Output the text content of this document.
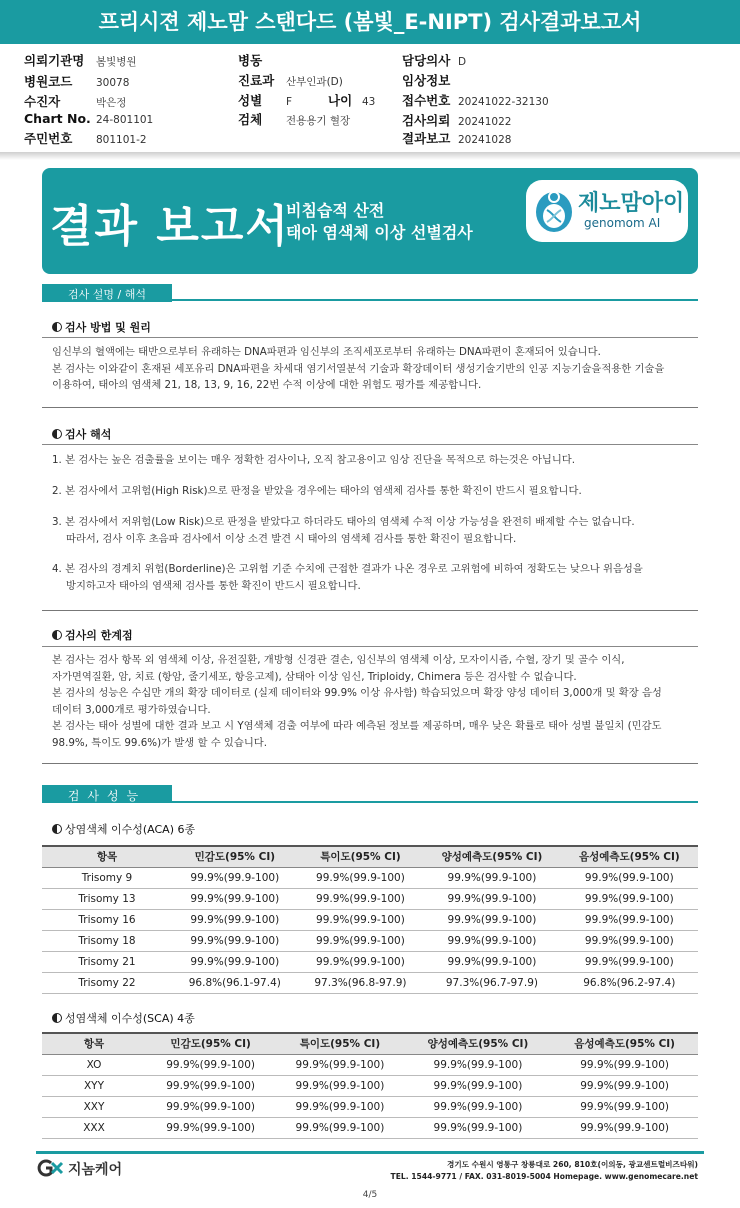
프리시젼 제노맘 스탠다드 (봄빛_E-NIPT) 검사결과보고서
의뢰기관명 봄빛병원
병원코드 30078
수진자	박은정
Chart No. 24-801101
주민번호 801101-2
병동
진료과 산부인과(D)
성별 F	나이 43
검체 전용용기 혈장
담당의사 D
임상정보
접수번호 20241022-32130
검사의뢰 20241022
결과보고 20241028
결과 보고서
비침습적 산전
태아 염색체 이상 선별검사
제노맘아이
genomom AI
검사 설명 / 해석
검사 방법 및 원리
임신부의 혈액에는 태반으로부터 유래하는 DNA파편과 임신부의 조직세포로부터 유래하는 DNA파편이 혼재되어 있습니다.
본 검사는 이와같이 혼재된 세포유리 DNA파편을 차세대 염기서열분석 기술과 확장데이터 생성기술기반의 인공 지능기술을적용한 기술을
이용하여, 태아의 염색체 21, 18, 13, 9, 16, 22번 수적 이상에 대한 위험도 평가를 제공합니다.
검사 해석
1. 본 검사는 높은 검출률을 보이는 매우 정확한 검사이나, 오직 참고용이고 임상 진단을 목적으로 하는것은 아닙니다.
2. 본 검사에서 고위험(High Risk)으로 판정을 받았을 경우에는 태아의 염색체 검사를 통한 확진이 반드시 필요합니다.
3. 본 검사에서 저위험(Low Risk)으로 판정을 받았다고 하더라도 태아의 염색체 수적 이상 가능성을 완전히 배제할 수는 없습니다.
따라서, 검사 이후 초음파 검사에서 이상 소견 발견 시 태아의 염색체 검사를 통한 확진이 필요합니다.
4. 본 검사의 경계치 위험(Borderline)은 고위험 기준 수치에 근접한 결과가 나온 경우로 고위험에 비하여 정확도는 낮으나 위음성을
방지하고자 태아의 염색체 검사를 통한 확진이 반드시 필요합니다.
검사의 한계점
본 검사는 검사 항목 외 염색체 이상, 유전질환, 개방형 신경관 결손, 임신부의 염색체 이상, 모자이시즘, 수혈, 장기 및 골수 이식,
자가면역질환, 암, 치료 (항암, 줄기세포, 항응고제), 삼태아 이상 임신, Triploidy, Chimera 등은 검사할 수 없습니다.
본 검사의 성능은 수십만 개의 확장 데이터로 (실제 데이터와 99.9% 이상 유사함) 학습되었으며 확장 양성 데이터 3,000개 및 확장 음성
데이터 3,000개로 평가하였습니다.
본 검사는 태아 성별에 대한 결과 보고 시 Y염색체 검출 여부에 따라 예측된 정보를 제공하며, 매우 낮은 확률로 태아 성별 불일치 (민감도
98.9%, 특이도 99.6%)가 발생 할 수 있습니다.
검사성능
상염색체 이수성(ACA) 6종
항목	민감도(95% CI)	특이도(95% CI)	양성예측도(95% CI)	음성예측도(95% CI)
Trisomy 9	99.9%(99.9-100)	99.9%(99.9-100)	99.9%(99.9-100)	99.9%(99.9-100)
Trisomy 13	99.9%(99.9-100)	99.9%(99.9-100)	99.9%(99.9-100)	99.9%(99.9-100)
Trisomy 16	99.9%(99.9-100)	99.9%(99.9-100)	99.9%(99.9-100)	99.9%(99.9-100)
Trisomy 18	99.9%(99.9-100)	99.9%(99.9-100)	99.9%(99.9-100)	99.9%(99.9-100)
Trisomy 21	99.9%(99.9-100)	99.9%(99.9-100)	99.9%(99.9-100)	99.9%(99.9-100)
Trisomy 22	96.8%(96.1-97.4)	97.3%(96.8-97.9)	97.3%(96.7-97.9)	96.8%(96.2-97.4)
성염색체 이수성(SCA) 4종
항목	민감도(95% CI)	특이도(95% CI)	양성예측도(95% CI)	음성예측도(95% CI)
XO	99.9%(99.9-100)	99.9%(99.9-100)	99.9%(99.9-100)	99.9%(99.9-100)
XYY	99.9%(99.9-100)	99.9%(99.9-100)	99.9%(99.9-100)	99.9%(99.9-100)
XXY	99.9%(99.9-100)	99.9%(99.9-100)	99.9%(99.9-100)	99.9%(99.9-100)
XXX	99.9%(99.9-100)	99.9%(99.9-100)	99.9%(99.9-100)	99.9%(99.9-100)
지놈케어	경기도 수원시 영통구 창룡대로 260, 810호(이의동, 광교센트럴비즈타워)
TEL. 1544-9771 / FAX. 031-8019-5004 Homepage. www.genomecare.net
4/5
